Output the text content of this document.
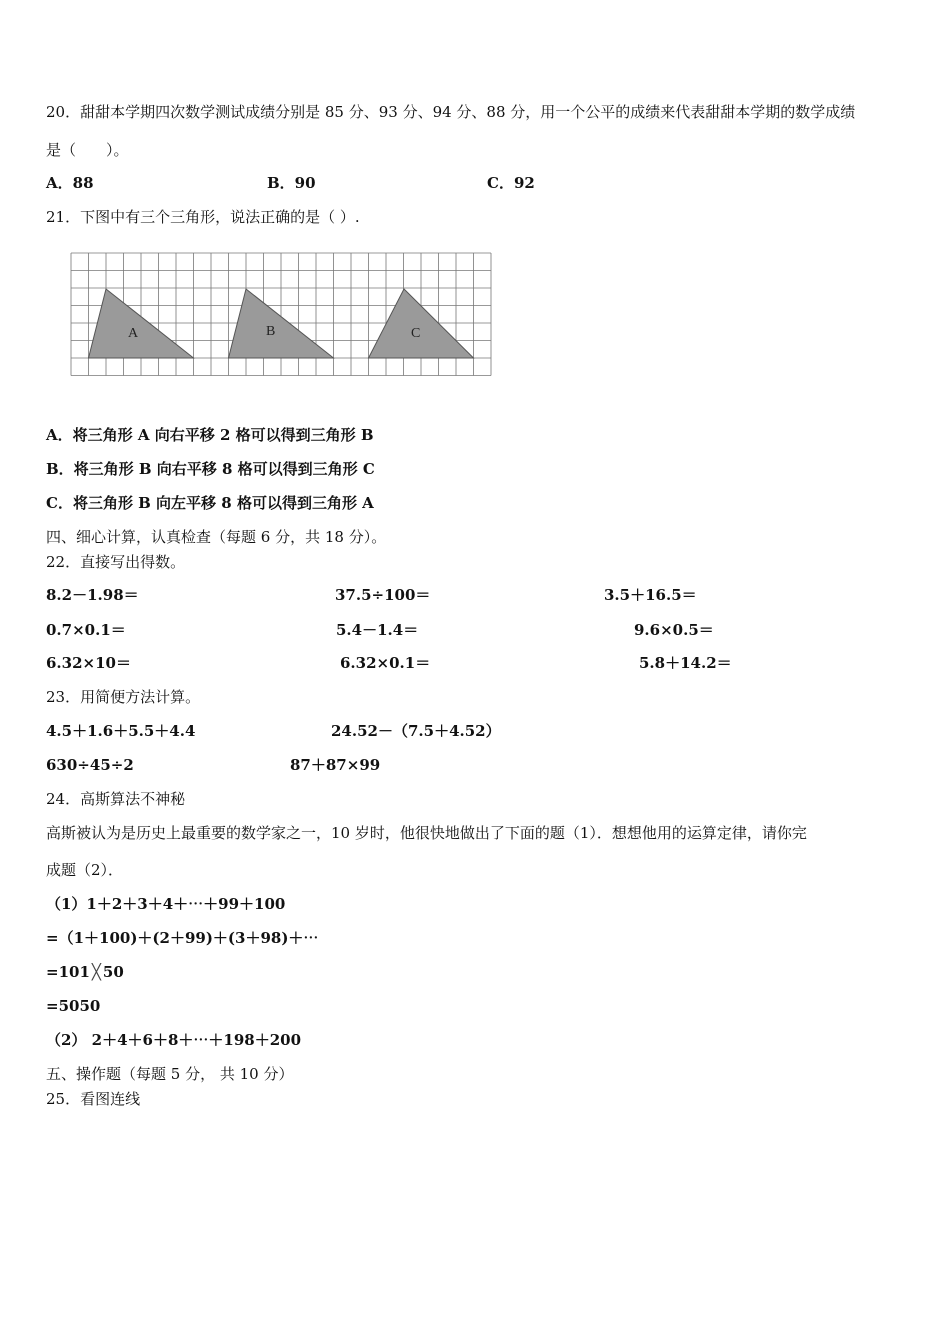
20．甜甜本学期四次数学测试成绩分别是 85 分、93 分、94 分、88 分，用一个公平的成绩来代表甜甜本学期的数学成绩
是（　　）。
A．88	B．90	C．92
21．下图中有三个三角形，说法正确的是（ ）.
A	B	C
A．将三角形 A 向右平移 2 格可以得到三角形 B
B．将三角形 B 向右平移 8 格可以得到三角形 C
C．将三角形 B 向左平移 8 格可以得到三角形 A
四、细心计算，认真检查（每题 6 分，共 18 分）。
22．直接写出得数。
8.2－1.98＝	37.5÷100＝	3.5＋16.5＝
0.7×0.1＝	5.4－1.4＝	9.6×0.5＝
6.32×10＝	6.32×0.1＝	5.8＋14.2＝
23．用简便方法计算。
4.5＋1.6＋5.5＋4.4	24.52－（7.5＋4.52）
630÷45÷2	87＋87×99
24．高斯算法不神秘
高斯被认为是历史上最重要的数学家之一，10 岁时，他很快地做出了下面的题（1）．想想他用的运算定律，请你完
成题（2）．
（1）1＋2＋3＋4＋⋯＋99＋100
=（1＋100)＋(2＋99)＋(3＋98)＋⋯
=101 ╳ 50
=5050
（2） 2＋4＋6＋8＋⋯＋198＋200
五、操作题（每题 5 分， 共 10 分）
25．看图连线
